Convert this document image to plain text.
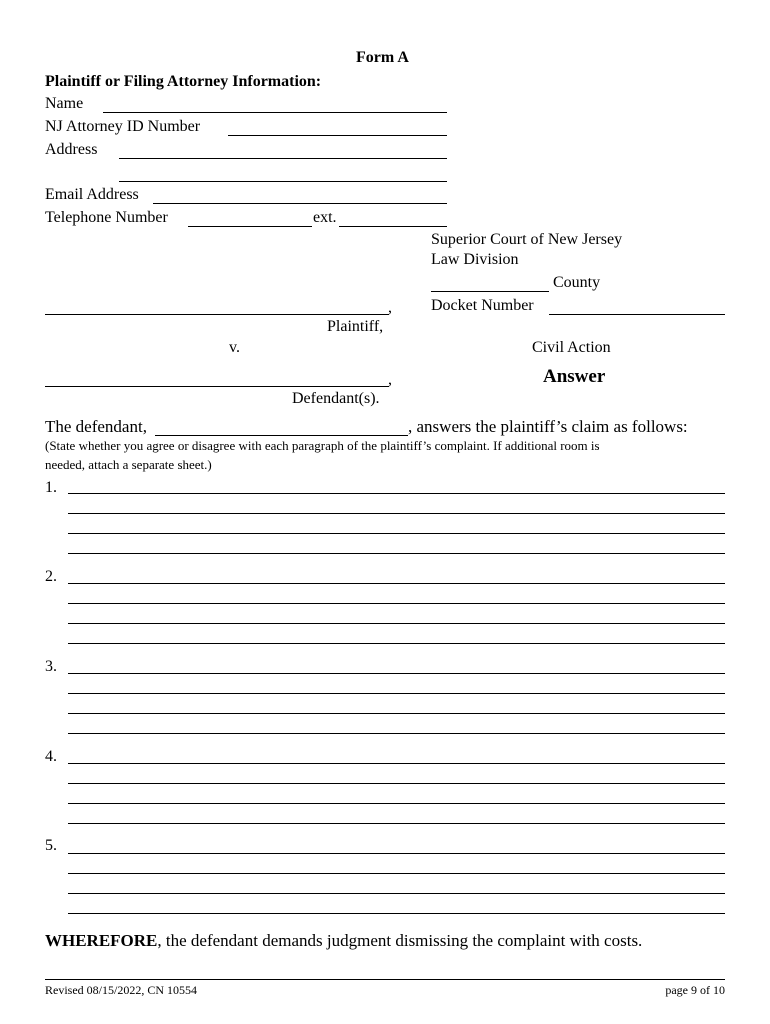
Form A
Plaintiff or Filing Attorney Information:
Name
NJ Attorney ID Number
Address
Email Address
Telephone Number	ext.
Superior Court of New Jersey
Law Division
County
Docket Number
,
Plaintiff,
v.	Civil Action
,	Answer
Defendant(s).
The defendant,	, answers the plaintiff’s claim as follows:
(State whether you agree or disagree with each paragraph of the plaintiff’s complaint. If additional room is
needed, attach a separate sheet.)
1.
2.
3.
4.
5.
WHEREFORE, the defendant demands judgment dismissing the complaint with costs.
Revised 08/15/2022, CN 10554	page 9 of 10
